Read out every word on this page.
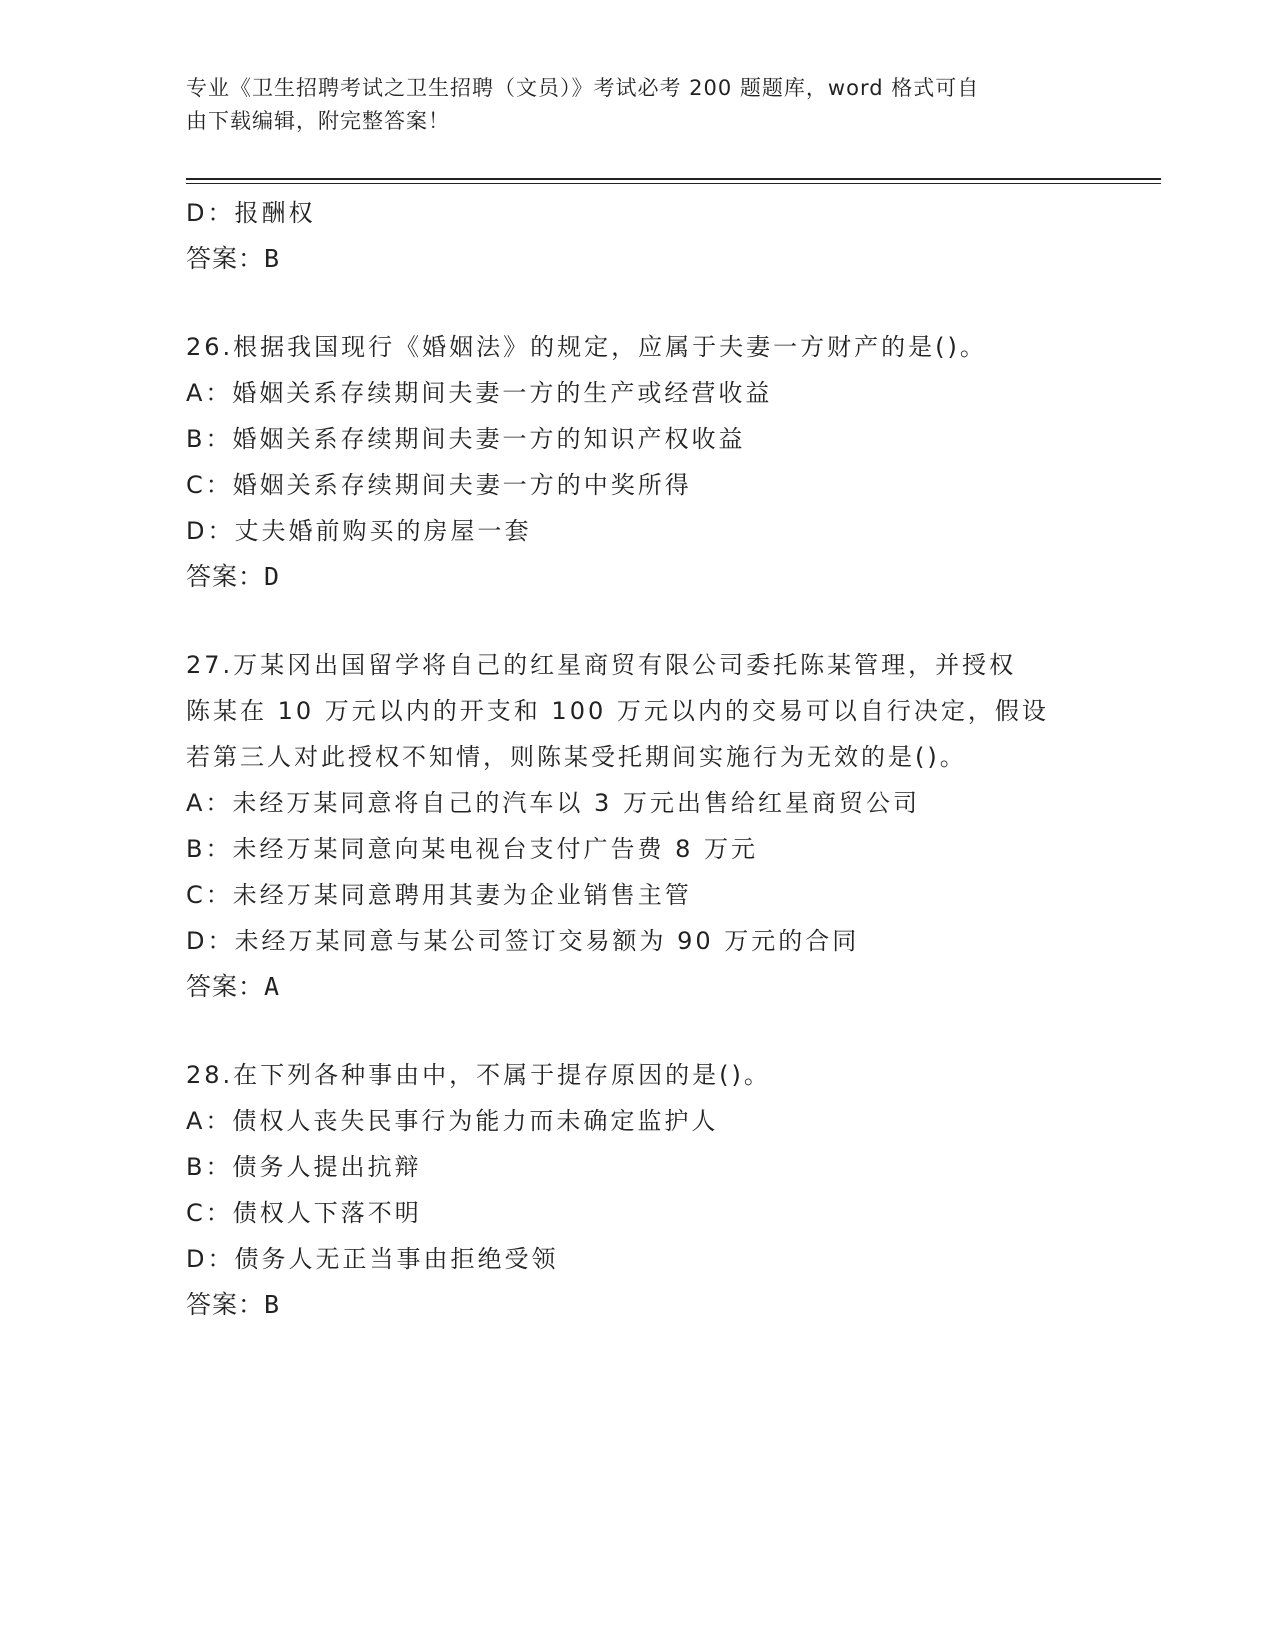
专业《卫生招聘考试之卫生招聘（文员）》考试必考 200 题题库，word 格式可自
由下载编辑，附完整答案！
D：报酬权
答案：B
26.根据我国现行《婚姻法》的规定，应属于夫妻一方财产的是()。
A：婚姻关系存续期间夫妻一方的生产或经营收益
B：婚姻关系存续期间夫妻一方的知识产权收益
C：婚姻关系存续期间夫妻一方的中奖所得
D：丈夫婚前购买的房屋一套
答案：D
27.万某冈出国留学将自己的红星商贸有限公司委托陈某管理，并授权
陈某在 10 万元以内的开支和 100 万元以内的交易可以自行决定，假设
若第三人对此授权不知情，则陈某受托期间实施行为无效的是()。
A：未经万某同意将自己的汽车以 3 万元出售给红星商贸公司
B：未经万某同意向某电视台支付广告费 8 万元
C：未经万某同意聘用其妻为企业销售主管
D：未经万某同意与某公司签订交易额为 90 万元的合同
答案：A
28.在下列各种事由中，不属于提存原因的是()。
A：债权人丧失民事行为能力而未确定监护人
B：债务人提出抗辩
C：债权人下落不明
D：债务人无正当事由拒绝受领
答案：B
